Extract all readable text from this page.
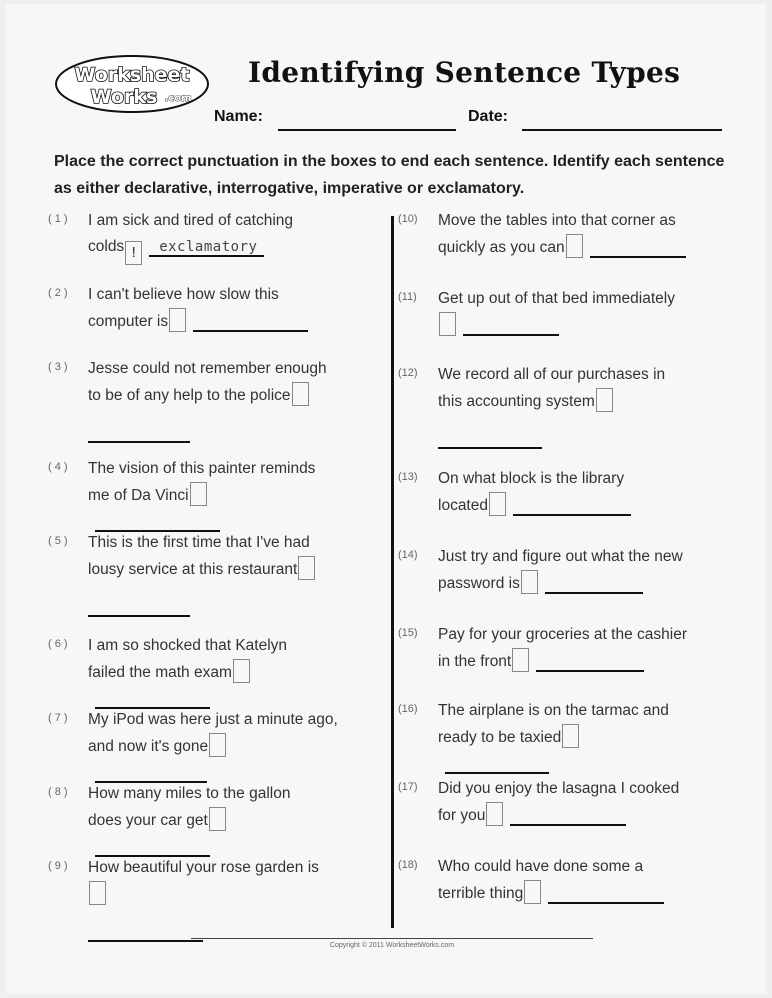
Worksheet
Works .com
Identifying Sentence Types
Name:	Date:
Place the correct punctuation in the boxes to end each sentence. Identify each sentence as either declarative, interrogative, imperative or exclamatory.
( 1 ) I am sick and tired of catching colds ! exclamatory
( 2 ) I can't believe how slow this computer is
( 3 ) Jesse could not remember enough to be of any help to the police
( 4 ) The vision of this painter reminds me of Da Vinci
( 5 ) This is the first time that I've had lousy service at this restaurant
( 6 ) I am so shocked that Katelyn failed the math exam
( 7 ) My iPod was here just a minute ago, and now it's gone
( 8 ) How many miles to the gallon does your car get
( 9 ) How beautiful your rose garden is
(10) Move the tables into that corner as quickly as you can
(11) Get up out of that bed immediately
(12) We record all of our purchases in this accounting system
(13) On what block is the library located
(14) Just try and figure out what the new password is
(15) Pay for your groceries at the cashier in the front
(16) The airplane is on the tarmac and ready to be taxied
(17) Did you enjoy the lasagna I cooked for you
(18) Who could have done some a terrible thing
Copyright © 2011 WorksheetWorks.com
